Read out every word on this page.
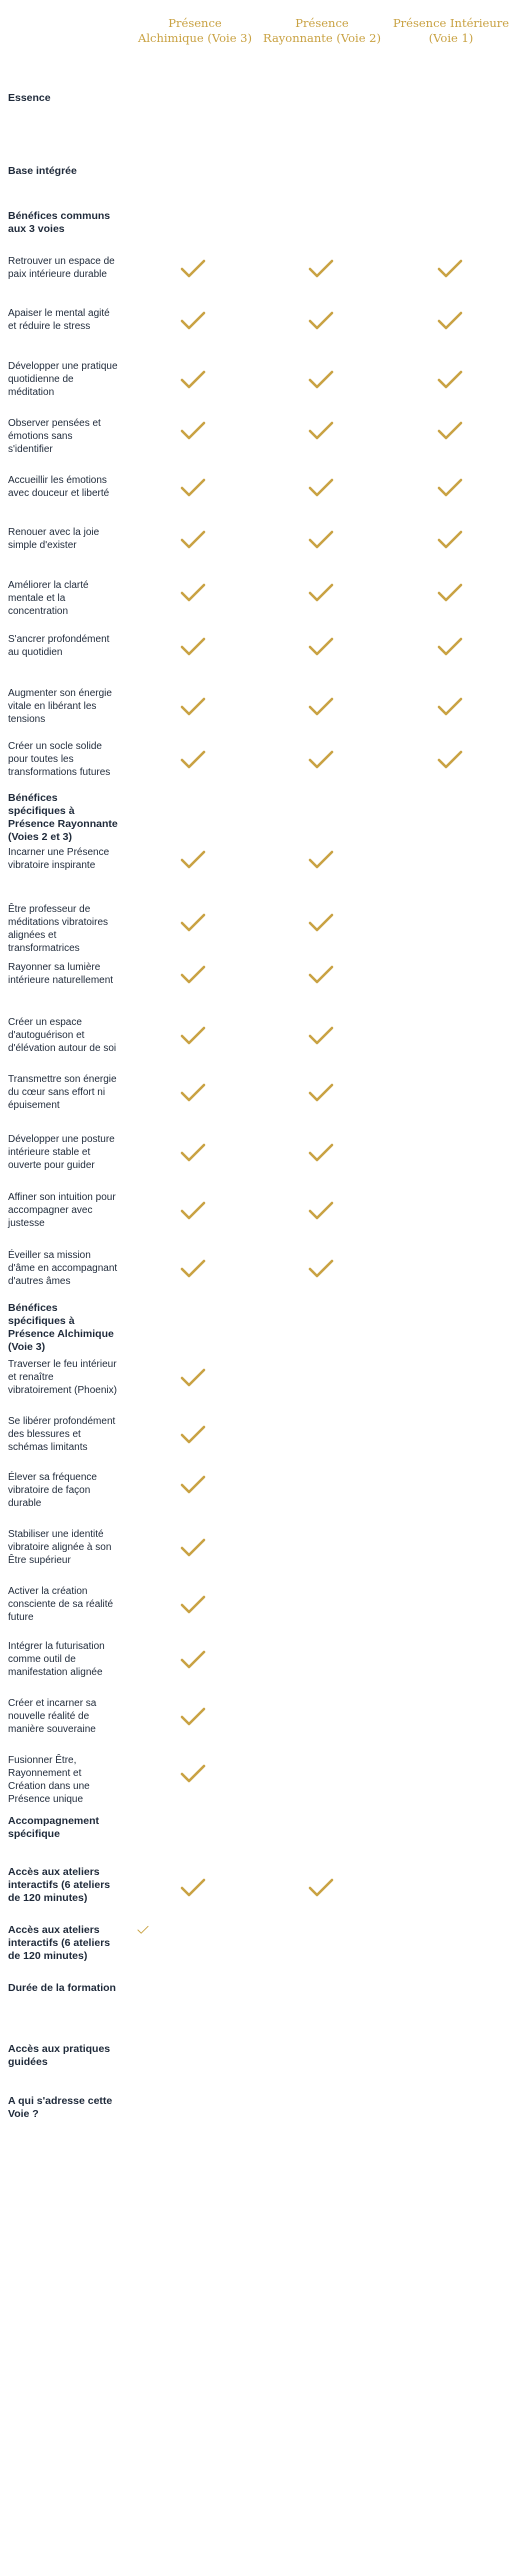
Présence Alchimique (Voie 3)
Présence Rayonnante (Voie 2)
Présence Intérieure (Voie 1)
Essence
Base intégrée
Bénéfices communs aux 3 voies
Retrouver un espace de paix intérieure durable
Apaiser le mental agité et réduire le stress
Développer une pratique quotidienne de méditation
Observer pensées et émotions sans s'identifier
Accueillir les émotions avec douceur et liberté
Renouer avec la joie simple d'exister
Améliorer la clarté mentale et la concentration
S'ancrer profondément au quotidien
Augmenter son énergie vitale en libérant les tensions
Créer un socle solide pour toutes les transformations futures
Bénéfices spécifiques à Présence Rayonnante (Voies 2 et 3)
Incarner une Présence vibratoire inspirante
Être professeur de méditations vibratoires alignées et transformatrices
Rayonner sa lumière intérieure naturellement
Créer un espace d'autoguérison et d'élévation autour de soi
Transmettre son énergie du cœur sans effort ni épuisement
Développer une posture intérieure stable et ouverte pour guider
Affiner son intuition pour accompagner avec justesse
Éveiller sa mission d'âme en accompagnant d'autres âmes
Bénéfices spécifiques à Présence Alchimique (Voie 3)
Traverser le feu intérieur et renaître vibratoirement (Phoenix)
Se libérer profondément des blessures et schémas limitants
Élever sa fréquence vibratoire de façon durable
Stabiliser une identité vibratoire alignée à son Être supérieur
Activer la création consciente de sa réalité future
Intégrer la futurisation comme outil de manifestation alignée
Créer et incarner sa nouvelle réalité de manière souveraine
Fusionner Être, Rayonnement et Création dans une Présence unique
Accompagnement spécifique
Accès aux ateliers interactifs (6 ateliers de 120 minutes)
Accès aux ateliers interactifs (6 ateliers de 120 minutes)
Durée de la formation
Accès aux pratiques guidées
A qui s'adresse cette Voie ?
